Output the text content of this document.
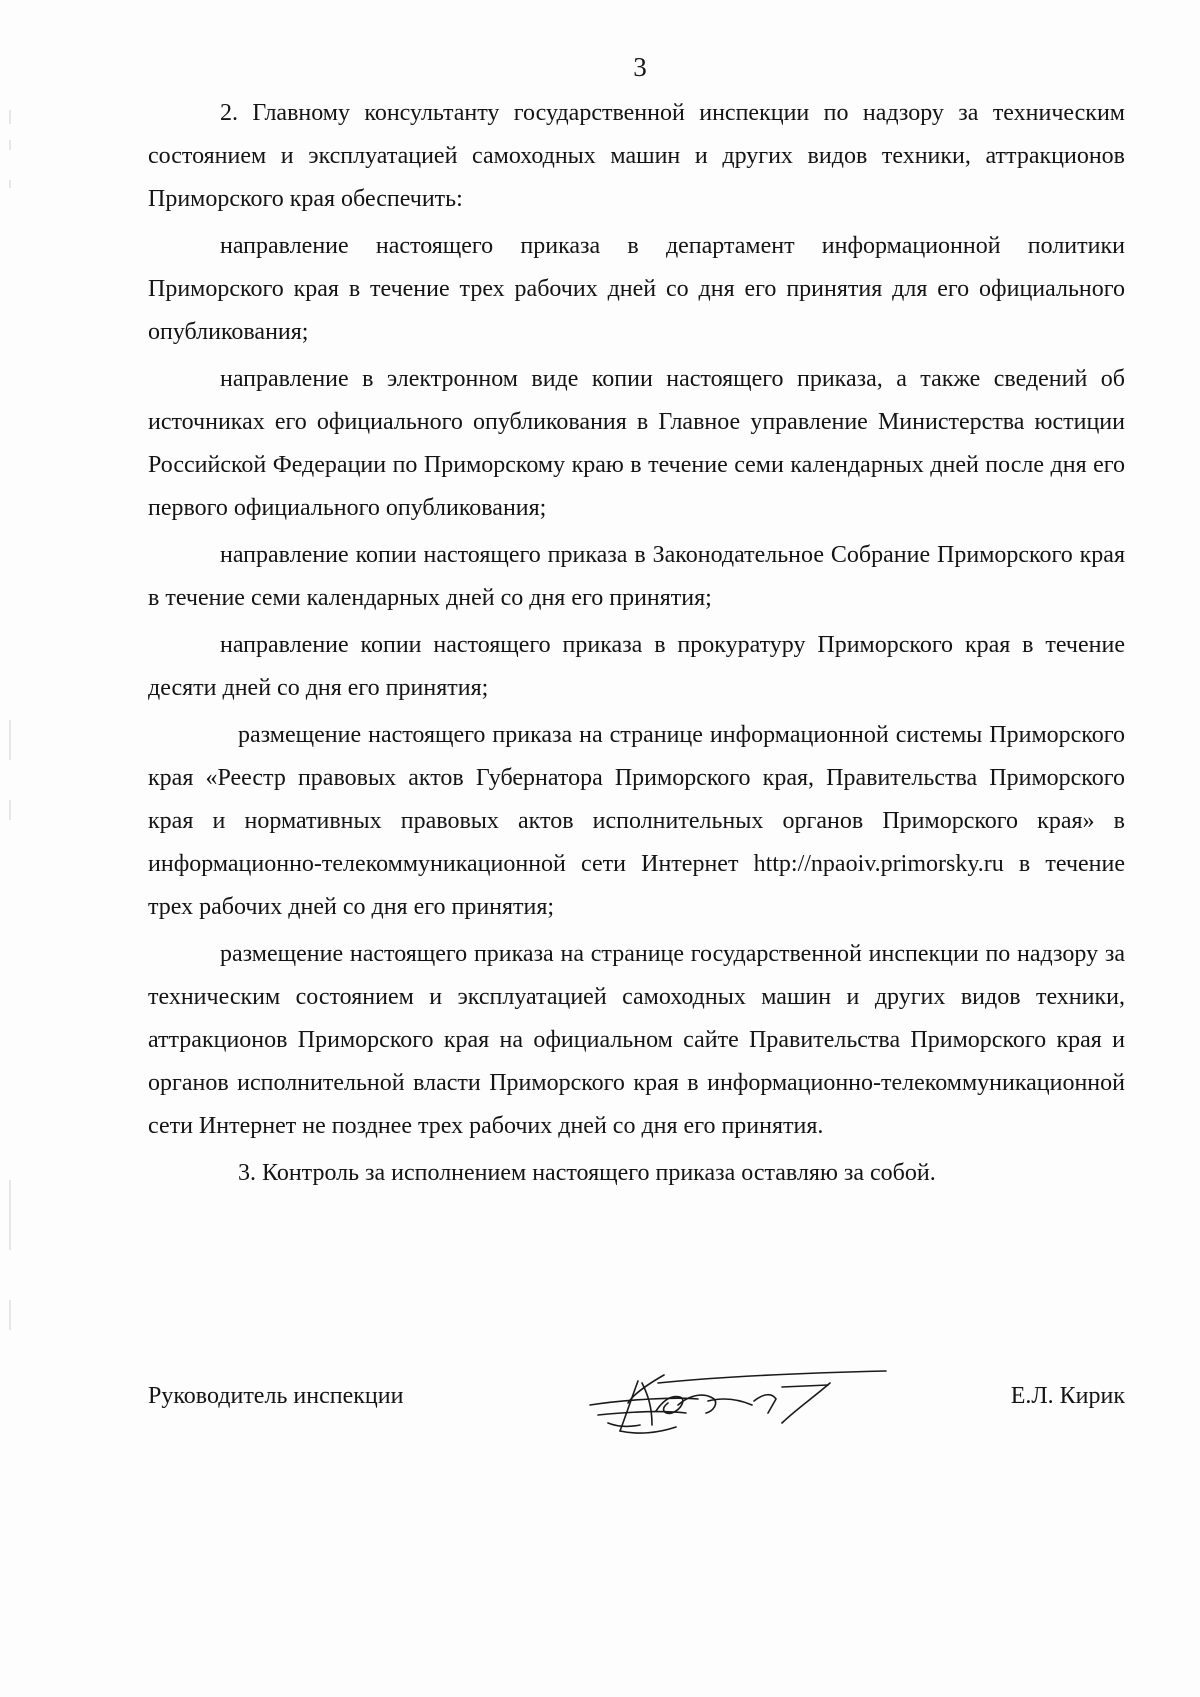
3

2. Главному консультанту государственной инспекции по надзору за техническим состоянием и эксплуатацией самоходных машин и других видов техники, аттракционов Приморского края обеспечить:

направление настоящего приказа в департамент информационной политики Приморского края в течение трех рабочих дней со дня его принятия для его официального опубликования;

направление в электронном виде копии настоящего приказа, а также сведений об источниках его официального опубликования в Главное управление Министерства юстиции Российской Федерации по Приморскому краю в течение семи календарных дней после дня его первого официального опубликования;

направление копии настоящего приказа в Законодательное Собрание Приморского края в течение семи календарных дней со дня его принятия;

направление копии настоящего приказа в прокуратуру Приморского края в течение десяти дней со дня его принятия;

размещение настоящего приказа на странице информационной системы Приморского края «Реестр правовых актов Губернатора Приморского края, Правительства Приморского края и нормативных правовых актов исполнительных органов Приморского края» в информационно-телекоммуникационной сети Интернет http://npaoiv.primorsky.ru в течение трех рабочих дней со дня его принятия;

размещение настоящего приказа на странице государственной инспекции по надзору за техническим состоянием и эксплуатацией самоходных машин и других видов техники, аттракционов Приморского края на официальном сайте Правительства Приморского края и органов исполнительной власти Приморского края в информационно-телекоммуникационной сети Интернет не позднее трех рабочих дней со дня его принятия.

3. Контроль за исполнением настоящего приказа оставляю за собой.

Руководитель инспекции	Е.Л. Кирик
